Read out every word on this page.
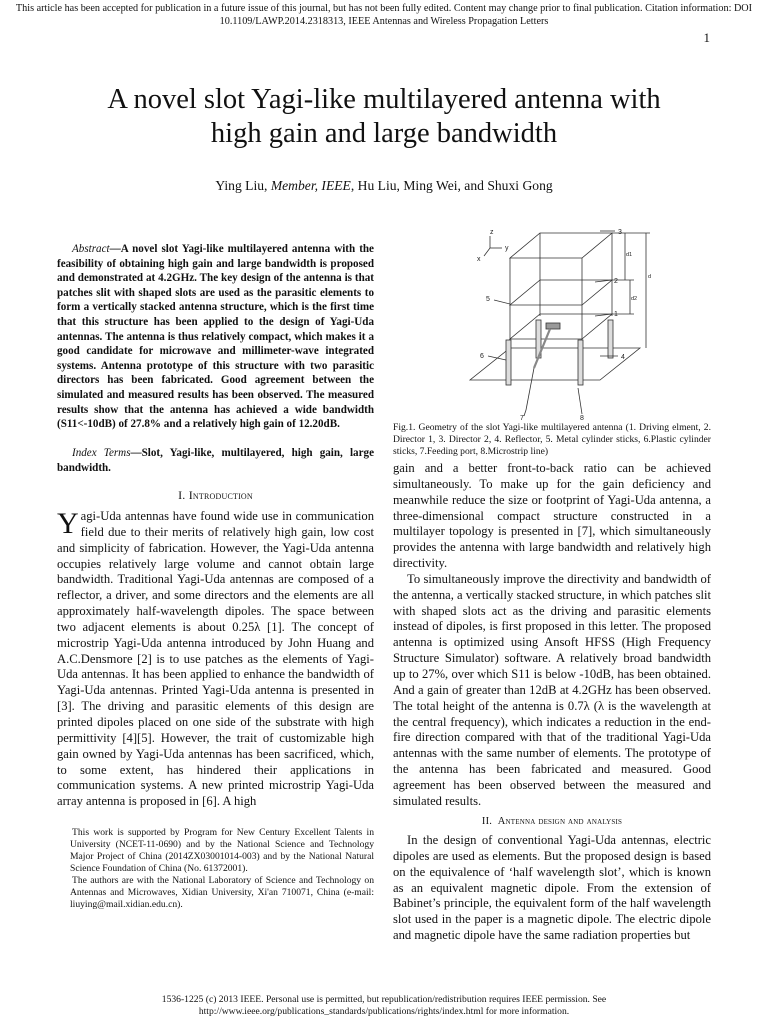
This article has been accepted for publication in a future issue of this journal, but has not been fully edited. Content may change prior to final publication. Citation information: DOI
10.1109/LAWP.2014.2318313, IEEE Antennas and Wireless Propagation Letters
1
A novel slot Yagi-like multilayered antenna with
high gain and large bandwidth
Ying Liu, Member, IEEE, Hu Liu, Ming Wei, and Shuxi Gong
Abstract—A novel slot Yagi-like multilayered antenna with the feasibility of obtaining high gain and large bandwidth is proposed and demonstrated at 4.2GHz. The key design of the antenna is that patches slit with shaped slots are used as the parasitic elements to form a vertically stacked antenna structure, which is the first time that this structure has been applied to the design of Yagi-Uda antennas. The antenna is thus relatively compact, which makes it a good candidate for microwave and millimeter-wave integrated systems. Antenna prototype of this structure with two parasitic directors has been fabricated. Good agreement between the simulated and measured results has been observed. The measured results show that the antenna has achieved a wide bandwidth (S11<-10dB) of 27.8% and a relatively high gain of 12.20dB.
Index Terms—Slot, Yagi-like, multilayered, high gain, large bandwidth.
I. Introduction
Yagi-Uda antennas have found wide use in communication field due to their merits of relatively high gain, low cost and simplicity of fabrication. However, the Yagi-Uda antenna occupies relatively large volume and cannot obtain large bandwidth. Traditional Yagi-Uda antennas are composed of a reflector, a driver, and some directors and the elements are all approximately half-wavelength dipoles. The space between two adjacent elements is about 0.25λ [1]. The concept of microstrip Yagi-Uda antenna introduced by John Huang and A.C.Densmore [2] is to use patches as the elements of Yagi-Uda antennas. It has been applied to enhance the bandwidth of Yagi-Uda antennas. Printed Yagi-Uda antenna is presented in [3]. The driving and parasitic elements of this design are printed dipoles placed on one side of the substrate with high permittivity [4][5]. However, the trait of customizable high gain owned by Yagi-Uda antennas has been sacrificed, which, to some extent, has hindered their applications in communication systems. A new printed microstrip Yagi-Uda array antenna is proposed in [6]. A high

This work is supported by Program for New Century Excellent Talents in University (NCET-11-0690) and by the National Science and Technology Major Project of China (2014ZX03001014-003) and by the National Natural Science Foundation of China (No. 61372001).

The authors are with the National Laboratory of Science and Technology on Antennas and Microwaves, Xidian University, Xi'an 710071, China (e-mail: liuying@mail.xidian.edu.cn).

z
y
x
3
2
1
4
5
6
7	8
d1
d2
d
Fig.1. Geometry of the slot Yagi-like multilayered antenna (1. Driving elment, 2. Director 1, 3. Director 2, 4. Reflector, 5. Metal cylinder sticks, 6.Plastic cylinder sticks, 7.Feeding port, 8.Microstrip line)

gain and a better front-to-back ratio can be achieved simultaneously. To make up for the gain deficiency and meanwhile reduce the size or footprint of Yagi-Uda antenna, a three-dimensional compact structure constructed in a multilayer topology is presented in [7], which simultaneously provides the antenna with large bandwidth and relatively high directivity.

To simultaneously improve the directivity and bandwidth of the antenna, a vertically stacked structure, in which patches slit with shaped slots act as the driving and parasitic elements instead of dipoles, is first proposed in this letter. The proposed antenna is optimized using Ansoft HFSS (High Frequency Structure Simulator) software. A relatively broad bandwidth up to 27%, over which S11 is below -10dB, has been obtained. And a gain of greater than 12dB at 4.2GHz has been observed. The total height of the antenna is 0.7λ (λ is the wavelength at the central frequency), which indicates a reduction in the end-fire direction compared with that of the traditional Yagi-Uda antennas with the same number of elements. The prototype of the antenna has been fabricated and measured. Good agreement has been observed between the measured and simulated results.

II. Antenna design and analysis
In the design of conventional Yagi-Uda antennas, electric dipoles are used as elements. But the proposed design is based on the equivalence of ‘half wavelength slot’, which is known as an equivalent magnetic dipole. From the extension of Babinet’s principle, the equivalent form of the half wavelength slot used in the paper is a magnetic dipole. The electric dipole and magnetic dipole have the same radiation properties but
1536-1225 (c) 2013 IEEE. Personal use is permitted, but republication/redistribution requires IEEE permission. See
http://www.ieee.org/publications_standards/publications/rights/index.html for more information.
